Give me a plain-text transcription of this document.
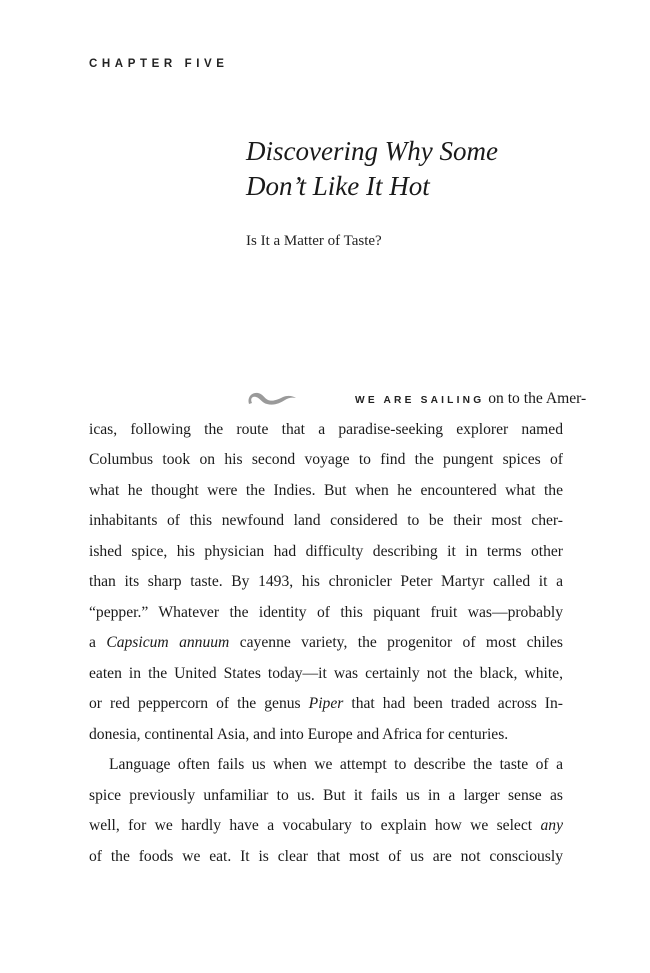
CHAPTER FIVE
Discovering Why Some
Don’t Like It Hot
Is It a Matter of Taste?
WE ARE SAILING on to the Amer-
icas, following the route that a paradise-seeking explorer named
Columbus took on his second voyage to find the pungent spices of
what he thought were the Indies. But when he encountered what the
inhabitants of this newfound land considered to be their most cher-
ished spice, his physician had difficulty describing it in terms other
than its sharp taste. By 1493, his chronicler Peter Martyr called it a
“pepper.” Whatever the identity of this piquant fruit was—probably
a Capsicum annuum cayenne variety, the progenitor of most chiles
eaten in the United States today—it was certainly not the black, white,
or red peppercorn of the genus Piper that had been traded across In-
donesia, continental Asia, and into Europe and Africa for centuries.
Language often fails us when we attempt to describe the taste of a
spice previously unfamiliar to us. But it fails us in a larger sense as
well, for we hardly have a vocabulary to explain how we select any
of the foods we eat. It is clear that most of us are not consciously
